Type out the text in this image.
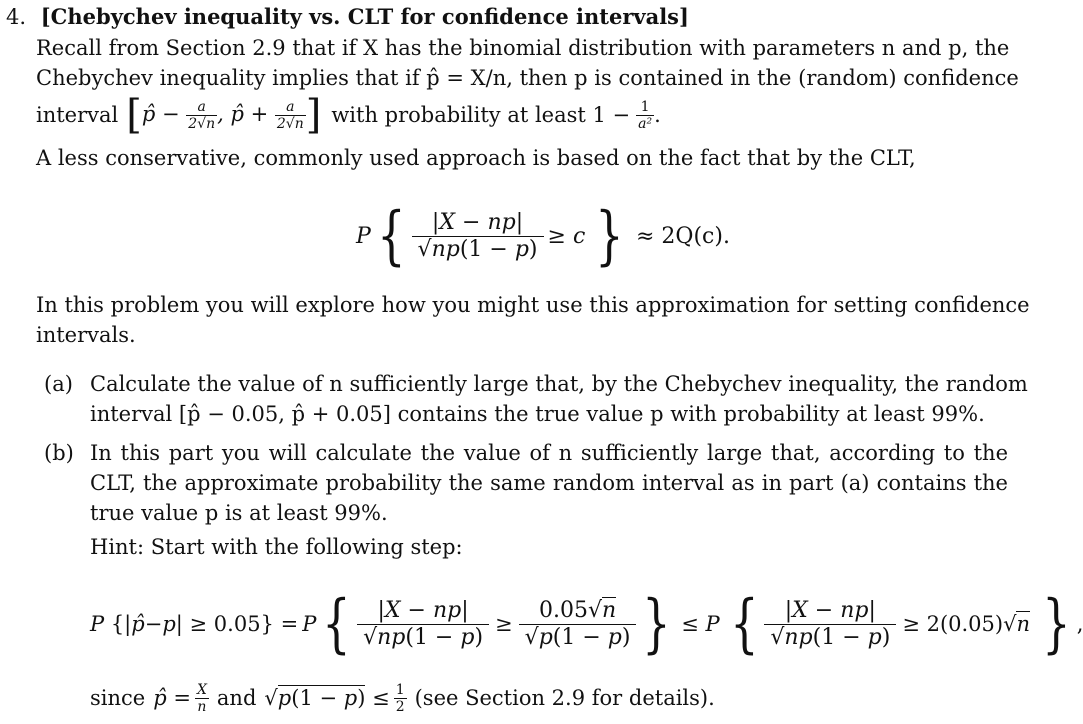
4. [Chebychev inequality vs. CLT for confidence intervals]
Recall from Section 2.9 that if X has the binomial distribution with parameters n and p, the
Chebychev inequality implies that if p̂ = X/n, then p is contained in the (random) confidence
interval [ p̂ − $\frac{a}{2√n}$ , p̂ + $\frac{a}{2√n}$ ] with probability at least $1 - \frac{1}{\text{a²}}$ .
A less conservative, commonly used approach is based on the fact that by the CLT,
P { $\frac{|X - np|}{√np(1 - p)} \ge c$ } ≈ 2Q(c).
In this problem you will explore how you might use this approximation for setting confidence
intervals.
(a) Calculate the value of n sufficiently large that, by the Chebychev inequality, the random
interval [p̂ − 0.05, p̂ + 0.05] contains the true value p with probability at least 99%.
(b) In this part you will calculate the value of n sufficiently large that, according to the
CLT, the approximate probability the same random interval as in part (a) contains the
true value p is at least 99%.
Hint: Start with the following step:
P {| p̂ − p | ≥ 0.05} = P { $\frac{|X - np|}{√np(1 - p)} \ge \frac{0.05√n}{√p(1 - p)}$ } ≤ P { $\frac{|X - np|}{√np(1 - p)} \ge 2(0.05)√n$ } ,
since p̂ = $\frac{X}{n}$ and $√p(1 - p) \le \frac{1}{2} (see$ Section 2.9 for details).
